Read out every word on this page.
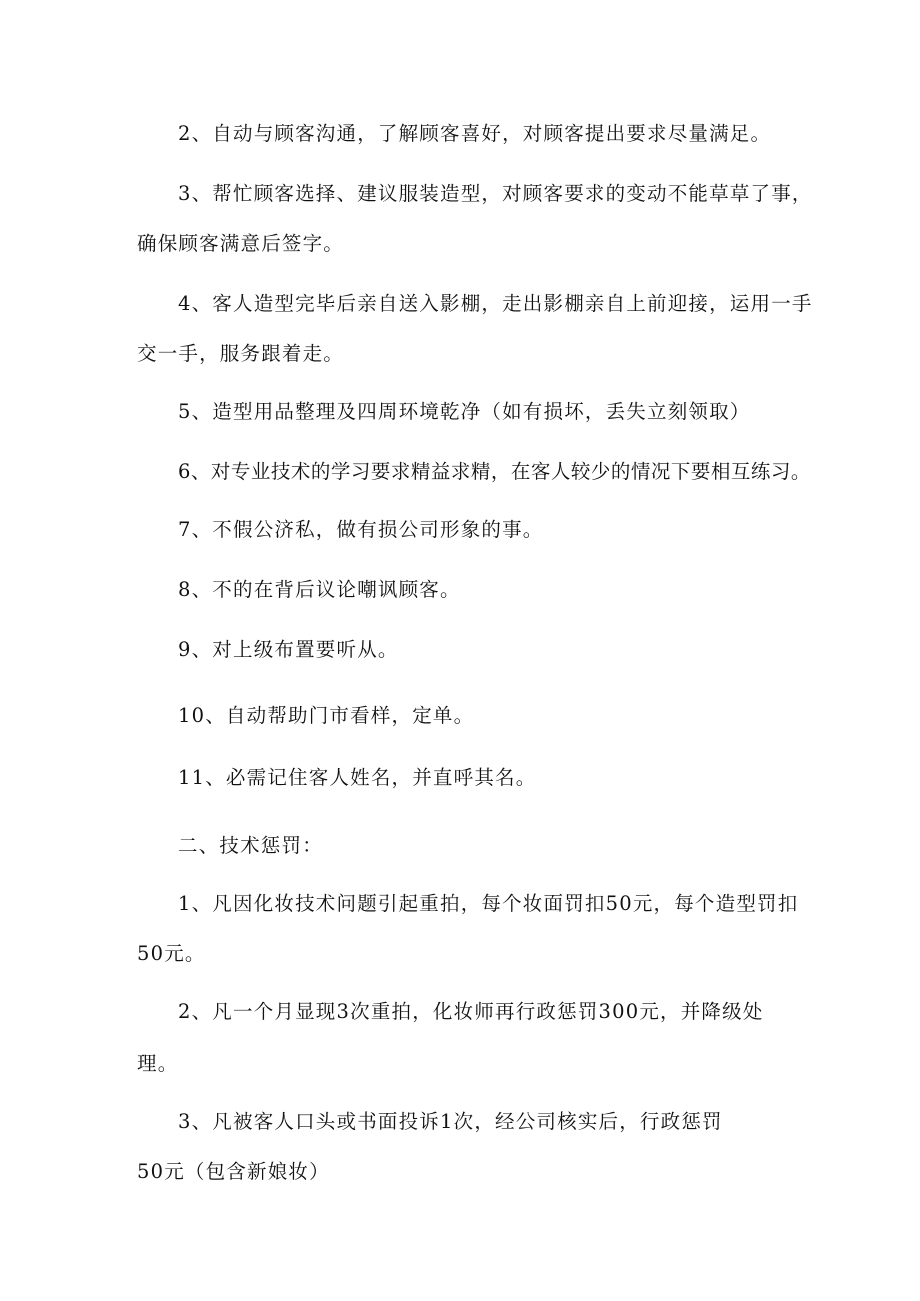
2、自动与顾客沟通，了解顾客喜好，对顾客提出要求尽量满足。
3、帮忙顾客选择、建议服装造型，对顾客要求的变动不能草草了事，
确保顾客满意后签字。
4、客人造型完毕后亲自送入影棚，走出影棚亲自上前迎接，运用一手
交一手，服务跟着走。
5、造型用品整理及四周环境乾净（如有损坏，丢失立刻领取）
6、对专业技术的学习要求精益求精，在客人较少的情况下要相互练习。
7、不假公济私，做有损公司形象的事。
8、不的在背后议论嘲讽顾客。
9、对上级布置要听从。
10、自动帮助门市看样，定单。
11、必需记住客人姓名，并直呼其名。
二、技术惩罚：
1、凡因化妆技术问题引起重拍，每个妆面罚扣50元，每个造型罚扣
50元。
2、凡一个月显现3次重拍，化妆师再行政惩罚300元，并降级处
理。
3、凡被客人口头或书面投诉1次，经公司核实后，行政惩罚
50元（包含新娘妆）
